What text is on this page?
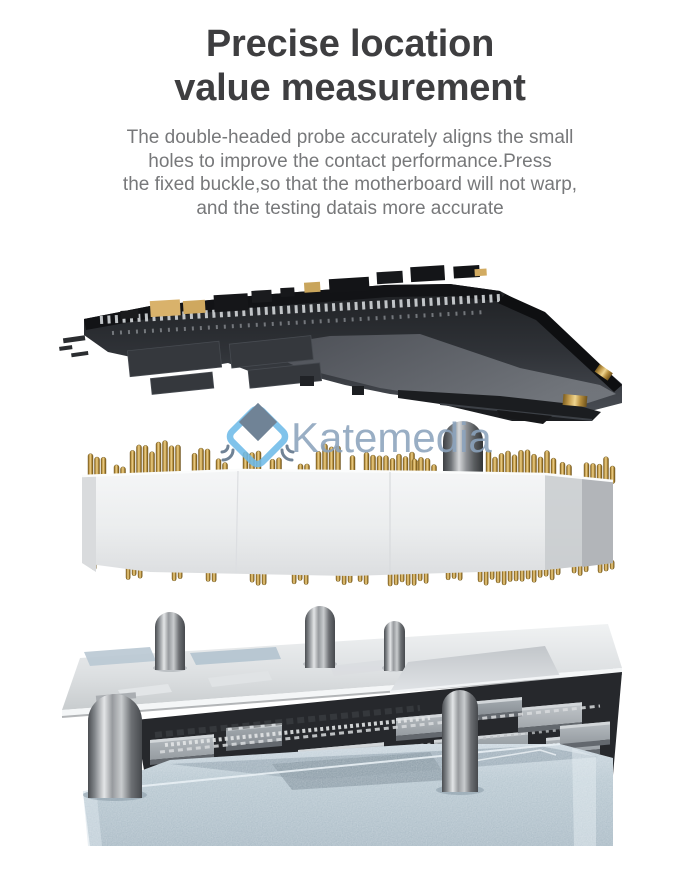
Katemedia
Precise location
value measurement

The double-headed probe accurately aligns the small
holes to improve the contact performance.Press
the fixed buckle,so that the motherboard will not warp,
and the testing datais more accurate
